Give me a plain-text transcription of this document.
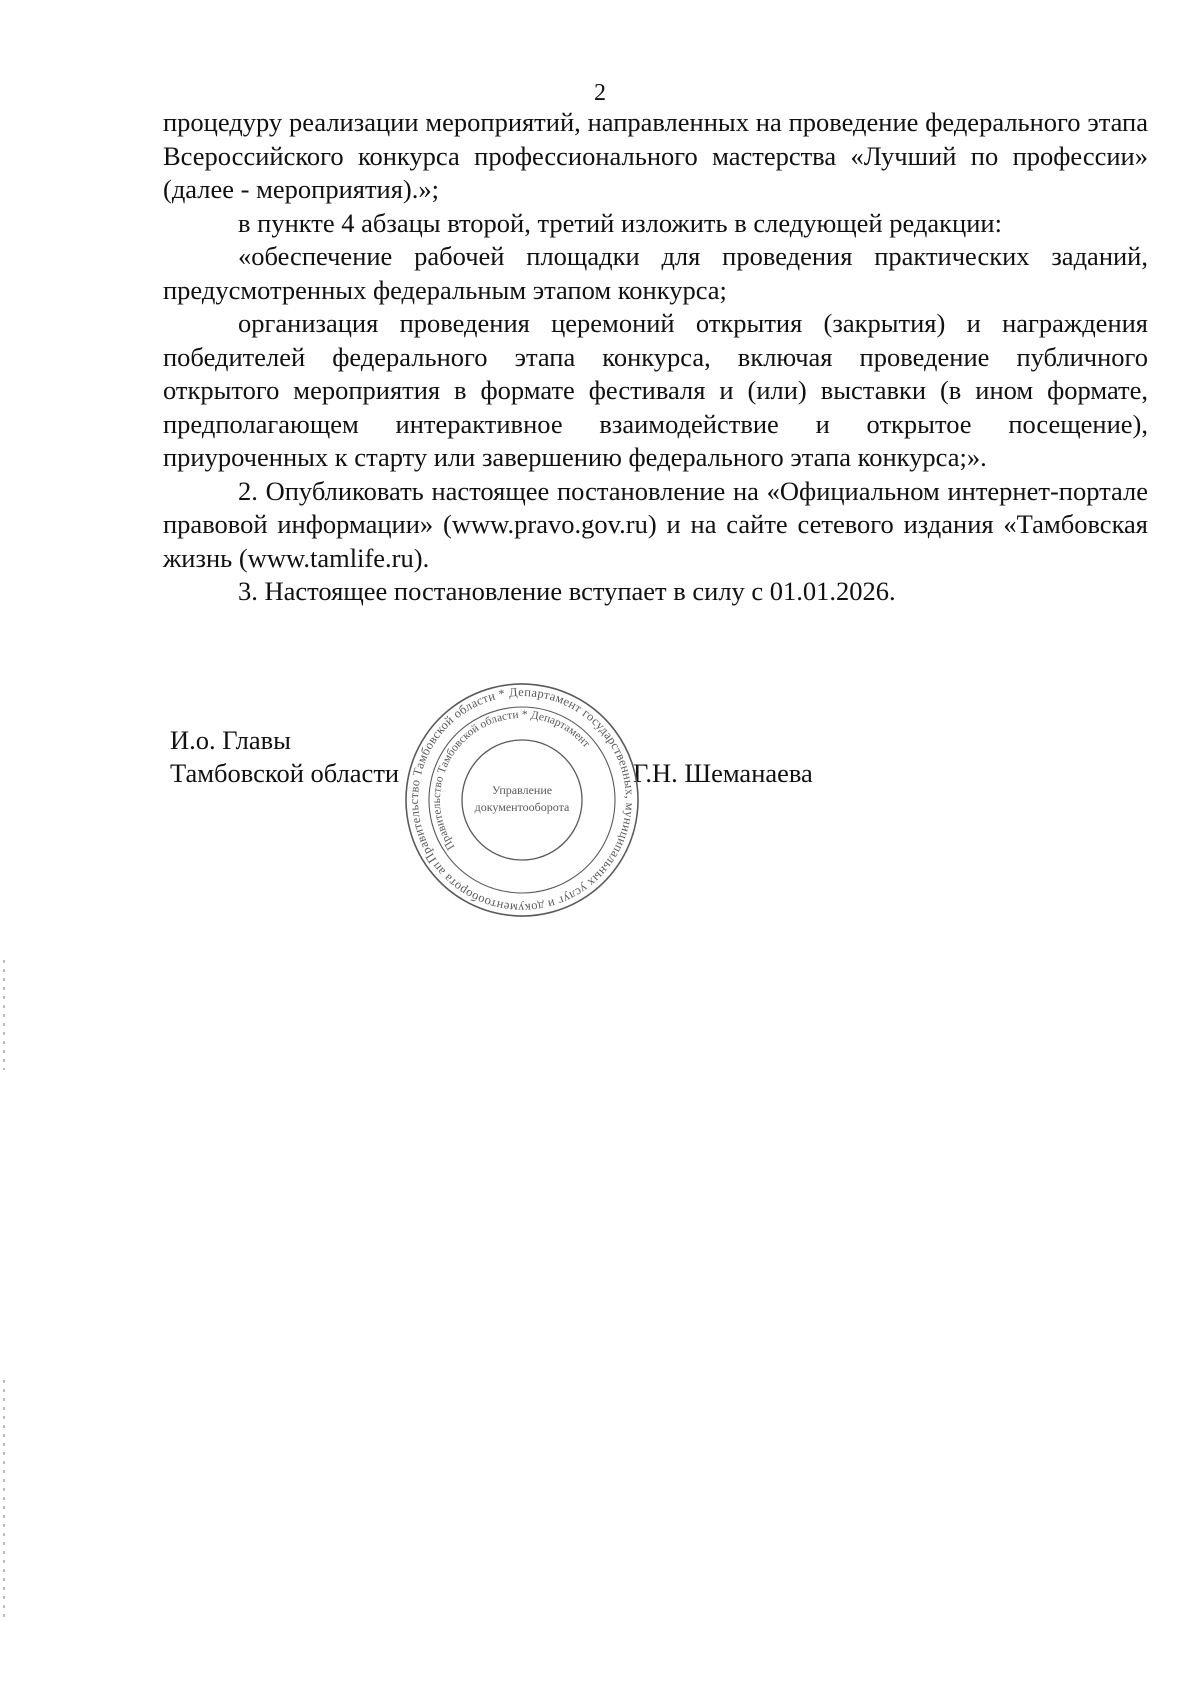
2

процедуру реализации мероприятий, направленных на проведение федерального этапа Всероссийского конкурса профессионального мастерства «Лучший по профессии» (далее - мероприятия).»;

в пункте 4 абзацы второй, третий изложить в следующей редакции:

«обеспечение рабочей площадки для проведения практических заданий, предусмотренных федеральным этапом конкурса;

организация проведения церемоний открытия (закрытия) и награждения победителей федерального этапа конкурса, включая проведение публичного открытого мероприятия в формате фестиваля и (или) выставки (в ином формате, предполагающем интерактивное взаимодействие и открытое посещение), приуроченных к старту или завершению федерального этапа конкурса;».

2. Опубликовать настоящее постановление на «Официальном интернет-портале правовой информации» (www.pravo.gov.ru) и на сайте сетевого издания «Тамбовская жизнь (www.tamlife.ru).

3. Настоящее постановление вступает в силу с 01.01.2026.

И.о. Главы
Тамбовской области	Г.Н. Шеманаева
Правительство Тамбовской области * Департамент государственных, муниципальных услуг и документооборота аппарата
Правительство Тамбовской области * Департамент
Управление
документооборота
